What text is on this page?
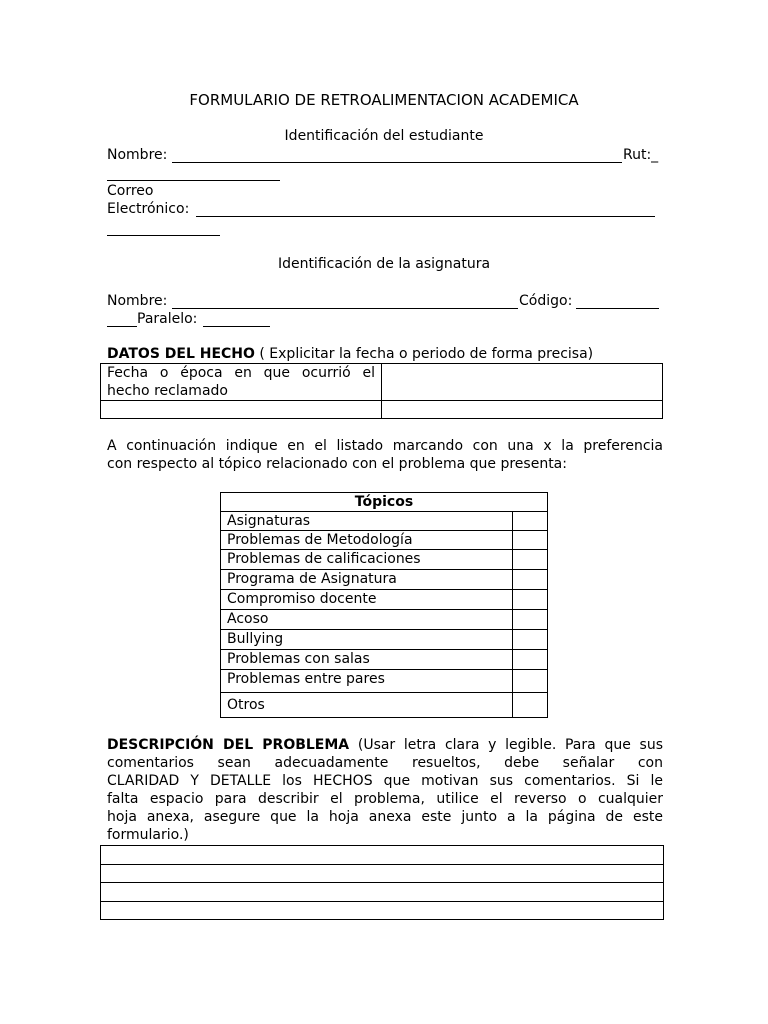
FORMULARIO DE RETROALIMENTACION ACADEMICA
Identificación del estudiante
Nombre:	Rut:_
Correo
Electrónico:
Identificación de la asignatura
Nombre:	Código:
Paralelo:
DATOS DEL HECHO ( Explicitar la fecha o periodo de forma precisa)
Fecha o época en que ocurrió el
hecho reclamado	

A continuación indique en el listado marcando con una x la preferencia
con respecto al tópico relacionado con el problema que presenta:
Tópicos	
Asignaturas	
Problemas de Metodología	
Problemas de calificaciones	
Programa de Asignatura	
Compromiso docente	
Acoso	
Bullying	
Problemas con salas	
Problemas entre pares	
Otros	
DESCRIPCIÓN DEL PROBLEMA (Usar letra clara y legible. Para que sus
comentarios sean adecuadamente resueltos, debe señalar con
CLARIDAD Y DETALLE los HECHOS que motivan sus comentarios. Si le
falta espacio para describir el problema, utilice el reverso o cualquier
hoja anexa, asegure que la hoja anexa este junto a la página de este
formulario.)
